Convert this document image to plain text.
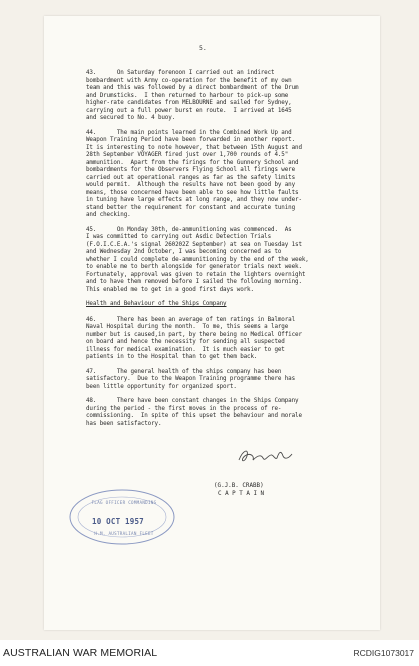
5.

43.      On Saturday forenoon I carried out an indirect
bombardment with Army co-operation for the benefit of my own
team and this was followed by a direct bombardment of the Drum
and Drumsticks.  I then returned to harbour to pick-up some
higher-rate candidates from MELBOURNE and sailed for Sydney,
carrying out a full power burst en route.  I arrived at 1645
and secured to No. 4 buoy.

44.      The main points learned in the Combined Work Up and
Weapon Training Period have been forwarded in another report.
It is interesting to note however, that between 15th August and
28th September VOYAGER fired just over 1,700 rounds of 4.5"
ammunition.  Apart from the firings for the Gunnery School and
bombardments for the Observers Flying School all firings were
carried out at operational ranges as far as the safety limits
would permit.  Although the results have not been good by any
means, those concerned have been able to see how little faults
in tuning have large effects at long range, and they now under-
stand better the requirement for constant and accurate tuning
and checking.

45.      On Monday 30th, de-ammunitioning was commenced.  As
I was committed to carrying out Asdic Detection Trials
(F.O.I.C.E.A.'s signal 260202Z September) at sea on Tuesday 1st
and Wednesday 2nd October, I was becoming concerned as to
whether I could complete de-ammunitioning by the end of the week,
to enable me to berth alongside for generator trials next week.
Fortunately, approval was given to retain the lighters overnight
and to have them removed before I sailed the following morning.
This enabled me to get in a good first days work.

Health and Behaviour of the Ships Company

46.      There has been an average of ten ratings in Balmoral
Naval Hospital during the month.  To me, this seems a large
number but is caused,in part, by there being no Medical Officer
on board and hence the necessity for sending all suspected
illness for medical examination.  It is much easier to get
patients in to the Hospital than to get them back.

47.      The general health of the ships company has been
satisfactory.  Due to the Weapon Training programme there has
been little opportunity for organized sport.

48.      There have been constant changes in the Ships Company
during the period - the first moves in the process of re-
commissioning.  In spite of this upset the behaviour and morale
has been satisfactory.

(G.J.B. CRABB)
C A P T A I N
FLAG OFFICER COMMANDING
10 OCT 1957
H.M. AUSTRALIAN FLEET
AUSTRALIAN WAR MEMORIAL	RCDIG1073017
